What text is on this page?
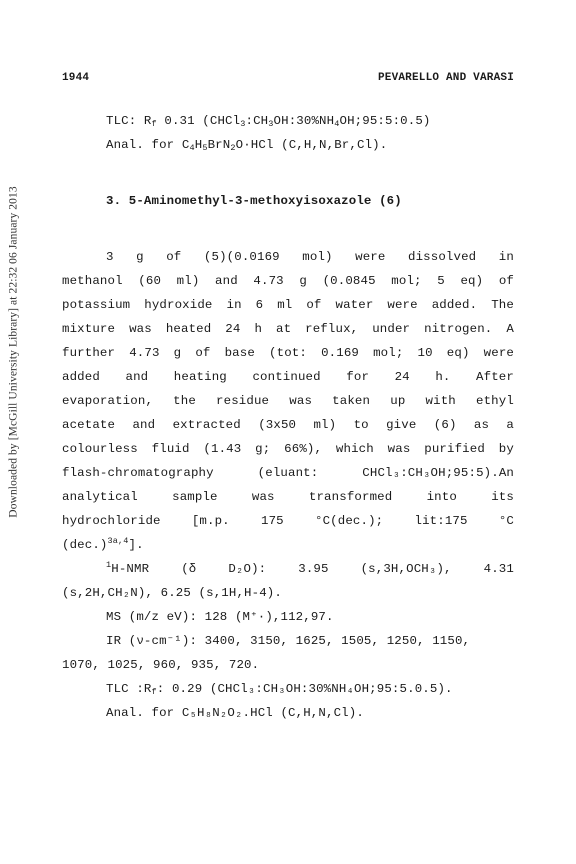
Downloaded by [McGill University Library] at 22:32 06 January 2013
1944	PEVARELLO AND VARASI
TLC: $R_f$ 0.31 $(CHCl_3:CH_3OH:30\%NH_4OH;95:5:0.5)$
Anal. for $C_4H_5BrN_2O\cdot HCl$ (C,H,N,Br,Cl).
3. 5-Aminomethyl-3-methoxyisoxazole (6)
3 g of (5)(0.0169 mol) were dissolved in
methanol (60 ml) and 4.73 g (0.0845 mol; 5 eq) of
potassium hydroxide in 6 ml of water were added. The
mixture was heated 24 h at reflux, under nitrogen. A
further 4.73 g of base (tot: 0.169 mol; 10 eq) were
added and heating continued for 24 h. After
evaporation, the residue was taken up with ethyl
acetate and extracted (3x50 ml) to give (6) as a
colourless fluid (1.43 g; 66%), which was purified by
flash-chromatography	(eluant:	CHCl₃:CH₃OH;95:5).An
analytical	sample	was	transformed	into	its
hydrochloride	[m.p.	175	°C(dec.);	lit:175	°C
$(dec.)^{3a,4}$].
$^1$H-NMR	(δ	D₂O):	3.95	(s,3H,OCH₃),	4.31
(s,2H,CH₂N), 6.25 (s,1H,H-4).
MS (m/z eV): 128 (M⁺·),112,97.
IR (ν-cm⁻¹): 3400, 3150, 1625, 1505, 1250, 1150,
1070, 1025, 960, 935, 720.
TLC $:R_f$: 0.29 (CHCl₃:CH₃OH:30%NH₄OH;95:5.0.5).
Anal. for C₅H₈N₂O₂.HCl (C,H,N,Cl).
